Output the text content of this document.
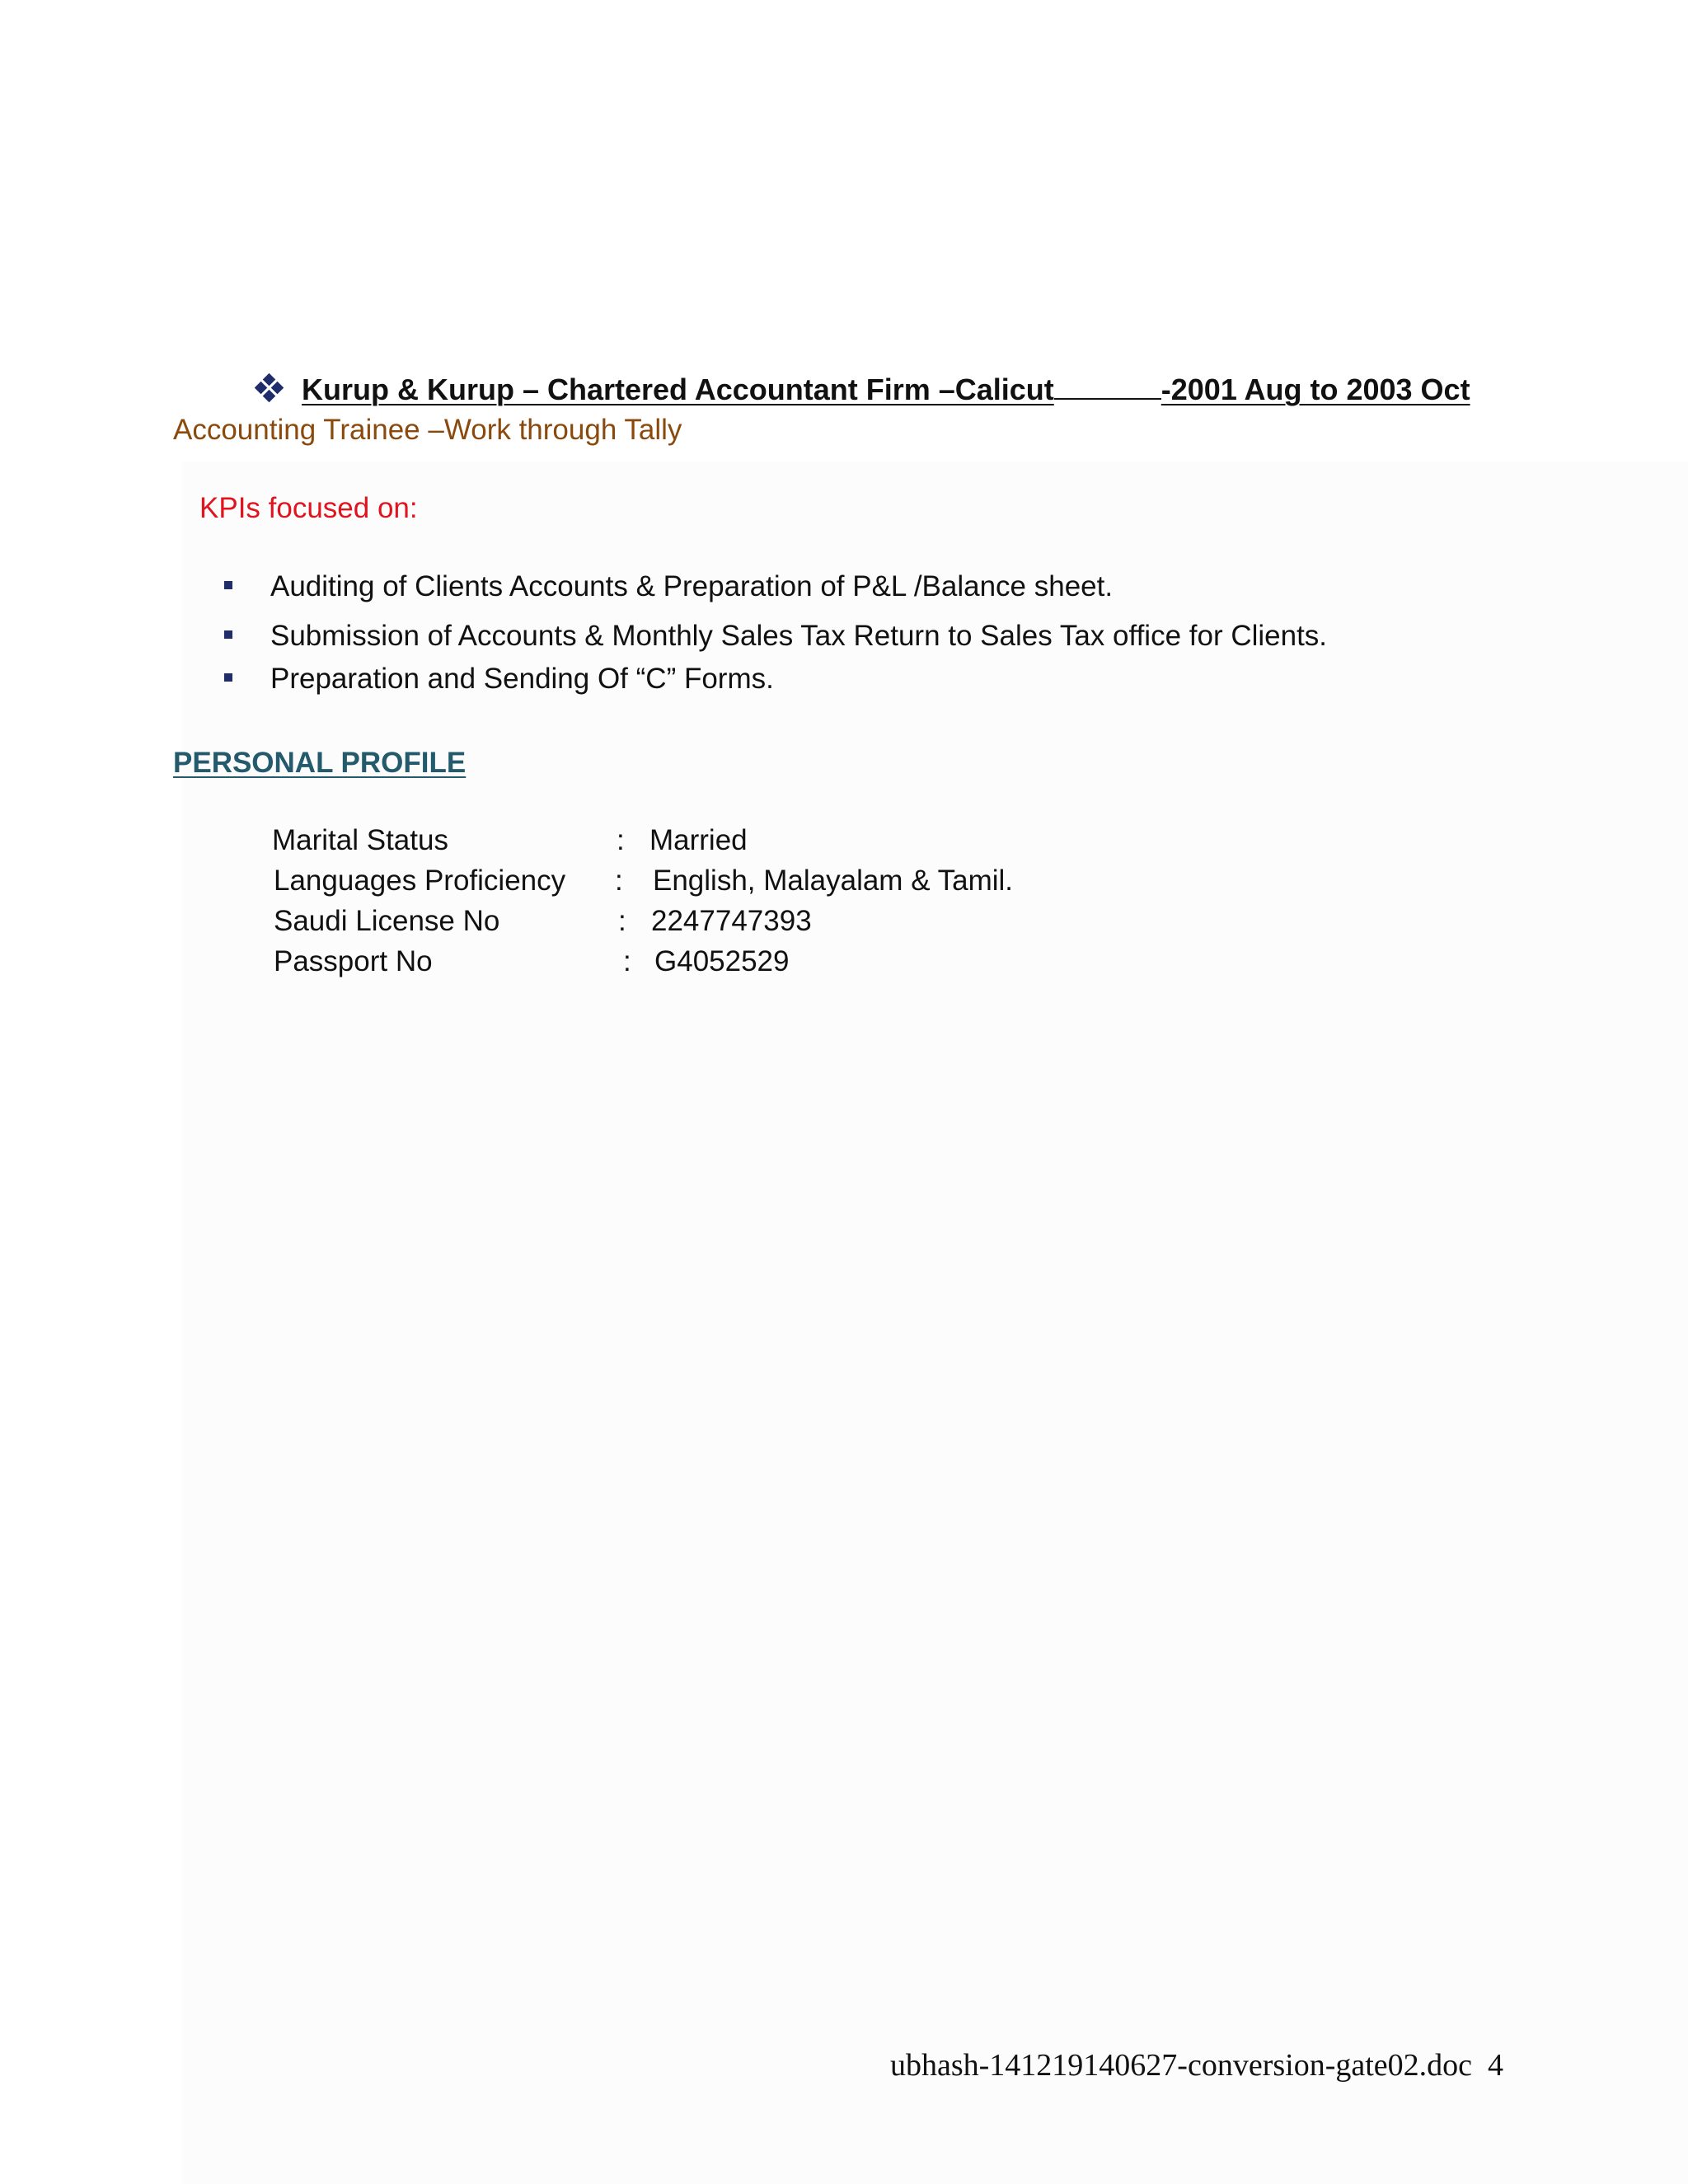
Kurup & Kurup – Chartered Accountant Firm –Calicut	-2001 Aug to 2003 Oct
Accounting Trainee –Work through Tally
KPIs focused on:
Auditing of Clients Accounts & Preparation of P&L /Balance sheet.
Submission of Accounts & Monthly Sales Tax Return to Sales Tax office for Clients.
Preparation and Sending Of “C” Forms.
PERSONAL PROFILE
Marital Status	: Married
Languages Proficiency : English, Malayalam & Tamil.
Saudi License No	: 2247747393
Passport No	: G4052529
ubhash-141219140627-conversion-gate02.doc 4
